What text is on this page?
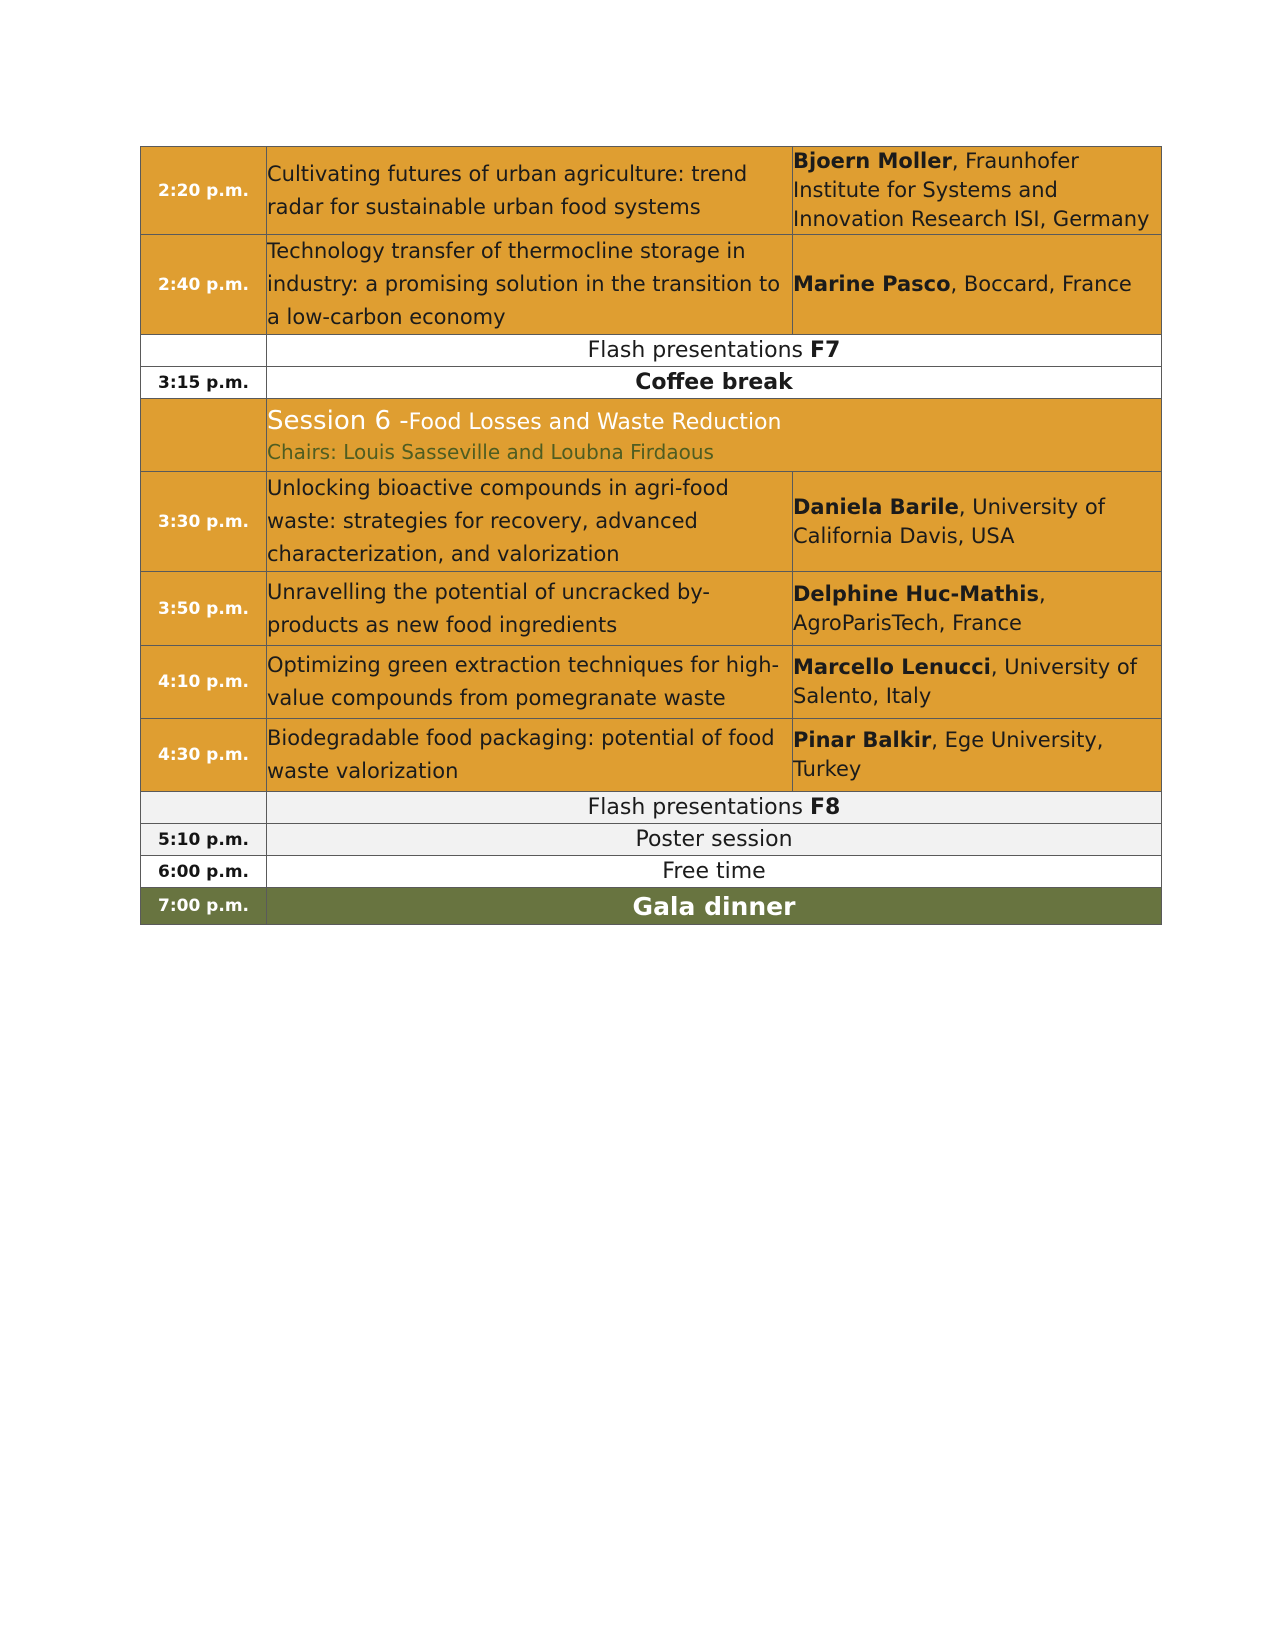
2:20 p.m.	Cultivating futures of urban agriculture: trend radar for sustainable urban food systems	Bjoern Moller, Fraunhofer Institute for Systems and Innovation Research ISI, Germany
2:40 p.m.	Technology transfer of thermocline storage in industry: a promising solution in the transition to a low-carbon economy	Marine Pasco, Boccard, France
	Flash presentations F7	
3:15 p.m.	Coffee break	

	Session 6 -Food Losses and Waste Reduction
Chairs: Louis Sasseville and Loubna Firdaous	

3:30 p.m.	Unlocking bioactive compounds in agri-food waste: strategies for recovery, advanced characterization, and valorization	Daniela Barile, University of California Davis, USA
3:50 p.m.	Unravelling the potential of uncracked by-products as new food ingredients	Delphine Huc-Mathis, AgroParisTech, France
4:10 p.m.	Optimizing green extraction techniques for high-value compounds from pomegranate waste	Marcello Lenucci, University of Salento, Italy
4:30 p.m.	Biodegradable food packaging: potential of food waste valorization	Pinar Balkir, Ege University, Turkey
	Flash presentations F8	
5:10 p.m.	Poster session	
6:00 p.m.	Free time	
7:00 p.m.	Gala dinner	
